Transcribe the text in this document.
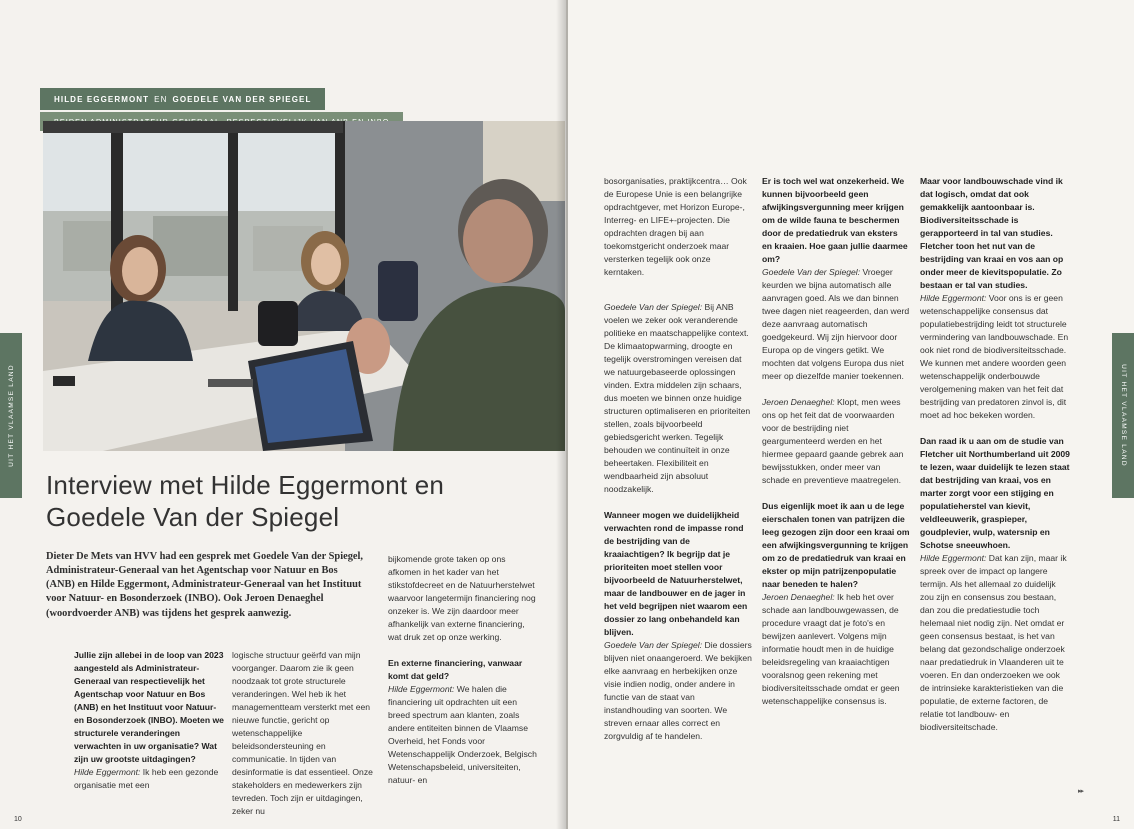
HILDE EGGERMONT EN GOEDELE VAN DER SPIEGEL
UIT HET VLAAMSE LAND
Interview met Hilde Eggermont en Goedele Van der Spiegel

Dieter De Mets van HVV had een gesprek met Goedele Van der Spiegel, Administrateur-Generaal van het Agentschap voor Natuur en Bos (ANB) en Hilde Eggermont, Administrateur-Generaal van het Instituut voor Natuur- en Bosonderzoek (INBO). Ook Jeroen Denaeghel (woordvoerder ANB) was tijdens het gesprek aanwezig.

Jullie zijn allebei in de loop van 2023 aangesteld als Administrateur-Generaal van respectievelijk het Agentschap voor Natuur en Bos (ANB) en het Instituut voor Natuur- en Bosonderzoek (INBO). Moeten we structurele veranderingen verwachten in uw organisatie? Wat zijn uw grootste uitdagingen?
Hilde Eggermont: Ik heb een gezonde organisatie met een
logische structuur geërfd van mijn voorganger. Daarom zie ik geen noodzaak tot grote structurele veranderingen. Wel heb ik het managementteam versterkt met een nieuwe functie, gericht op wetenschappelijke beleidsondersteuning en communicatie. In tijden van desinformatie is dat essentieel. Onze stakeholders en medewerkers zijn tevreden. Toch zijn er uitdagingen, zeker nu

bijkomende grote taken op ons afkomen in het kader van het stikstofdecreet en de Natuurherstelwet waarvoor langetermijn financiering nog onzeker is. We zijn daardoor meer afhankelijk van externe financiering, wat druk zet op onze werking.

En externe financiering, vanwaar komt dat geld?
Hilde Eggermont: We halen die financiering uit opdrachten uit een breed spectrum aan klanten, zoals andere entiteiten binnen de Vlaamse Overheid, het Fonds voor Wetenschappelijk Onderzoek, Belgisch Wetenschapsbeleid, universiteiten, natuur- en
10
UIT HET VLAAMSE LAND
11

bosorganisaties, praktijkcentra… Ook de Europese Unie is een belangrijke opdrachtgever, met Horizon Europe-, Interreg- en LIFE+-projecten. Die opdrachten dragen bij aan toekomstgericht onderzoek maar versterken tegelijk ook onze kerntaken.

Goedele Van der Spiegel: Bij ANB voelen we zeker ook veranderende politieke en maatschappelijke context. De klimaatopwarming, droogte en tegelijk overstromingen vereisen dat we natuurgebaseerde oplossingen vinden. Extra middelen zijn schaars, dus moeten we binnen onze huidige structuren optimaliseren en prioriteiten stellen, zoals bijvoorbeeld gebiedsgericht werken. Tegelijk behouden we continuïteit in onze beheertaken. Flexibiliteit en wendbaarheid zijn absoluut noodzakelijk.

Wanneer mogen we duidelijkheid verwachten rond de impasse rond de bestrijding van de kraaiachtigen? Ik begrijp dat je prioriteiten moet stellen voor bijvoorbeeld de Natuurherstelwet, maar de landbouwer en de jager in het veld begrijpen niet waarom een dossier zo lang onbehandeld kan blijven.
Goedele Van der Spiegel: Die dossiers blijven niet onaangeroerd. We bekijken elke aanvraag en herbekijken onze visie indien nodig, onder andere in functie van de staat van instandhouding van soorten. We streven ernaar alles correct en zorgvuldig af te handelen.

Er is toch wel wat onzekerheid. We kunnen bijvoorbeeld geen afwijkingsvergunning meer krijgen om de wilde fauna te beschermen door de predatiedruk van eksters en kraaien. Hoe gaan jullie daarmee om?
Goedele Van der Spiegel: Vroeger keurden we bijna automatisch alle aanvragen goed. Als we dan binnen twee dagen niet reageerden, dan werd deze aanvraag automatisch goedgekeurd. Wij zijn hiervoor door Europa op de vingers getikt. We mochten dat volgens Europa dus niet meer op diezelfde manier toekennen.

Jeroen Denaeghel: Klopt, men wees ons op het feit dat de voorwaarden voor de bestrijding niet geargumenteerd werden en het hiermee gepaard gaande gebrek aan bewijsstukken, onder meer van schade en preventieve maatregelen.

Dus eigenlijk moet ik aan u de lege eierschalen tonen van patrijzen die leeg gezogen zijn door een kraai om een afwijkingsvergunning te krijgen om zo de predatiedruk van kraai en ekster op mijn patrijzenpopulatie naar beneden te halen?
Jeroen Denaeghel: Ik heb het over schade aan landbouwgewassen, de procedure vraagt dat je foto's en bewijzen aanlevert. Volgens mijn informatie houdt men in de huidige beleidsregeling van kraaiachtigen vooralsnog geen rekening met biodiversiteitsschade omdat er geen wetenschappelijke consensus is.

Maar voor landbouwschade vind ik dat logisch, omdat dat ook gemakkelijk aantoonbaar is. Biodiversiteitsschade is gerapporteerd in tal van studies. Fletcher toon het nut van de bestrijding van kraai en vos aan op onder meer de kievitspopulatie. Zo bestaan er tal van studies.
Hilde Eggermont: Voor ons is er geen wetenschappelijke consensus dat populatiebestrijding leidt tot structurele vermindering van landbouwschade. En ook niet rond de biodiversiteitsschade. We kunnen met andere woorden geen wetenschappelijk onderbouwde verolgemening maken van het feit dat bestrijding van predatoren zinvol is, dit moet ad hoc bekeken worden.

Dan raad ik u aan om de studie van Fletcher uit Northumberland uit 2009 te lezen, waar duidelijk te lezen staat dat bestrijding van kraai, vos en marter zorgt voor een stijging en populatieherstel van kievit, veldleeuwerik, graspieper, goudplevier, wulp, watersnip en Schotse sneeuwhoen.
Hilde Eggermont: Dat kan zijn, maar ik spreek over de impact op langere termijn. Als het allemaal zo duidelijk zou zijn en consensus zou bestaan, dan zou die predatiestudie toch helemaal niet nodig zijn. Net omdat er geen consensus bestaat, is het van belang dat gezondschalige onderzoek naar predatiedruk in Vlaanderen uit te voeren. En dan onderzoeken we ook de intrinsieke karakteristieken van die populatie, de externe factoren, de relatie tot landbouw- en biodiversiteitschade.
▸▸
